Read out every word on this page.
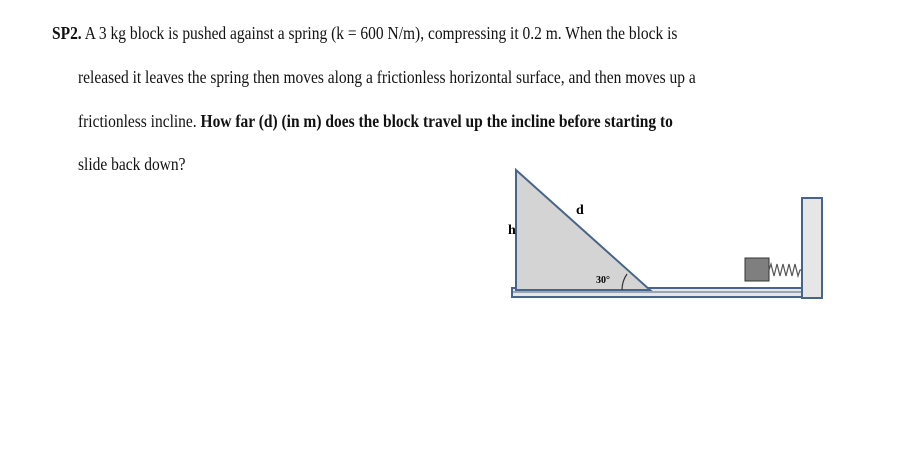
SP2. A 3 kg block is pushed against a spring (k = 600 N/m), compressing it 0.2 m. When the block is
released it leaves the spring then moves along a frictionless horizontal surface, and then moves up a
frictionless incline. How far (d) (in m) does the block travel up the incline before starting to
slide back down?
h
d
30°
